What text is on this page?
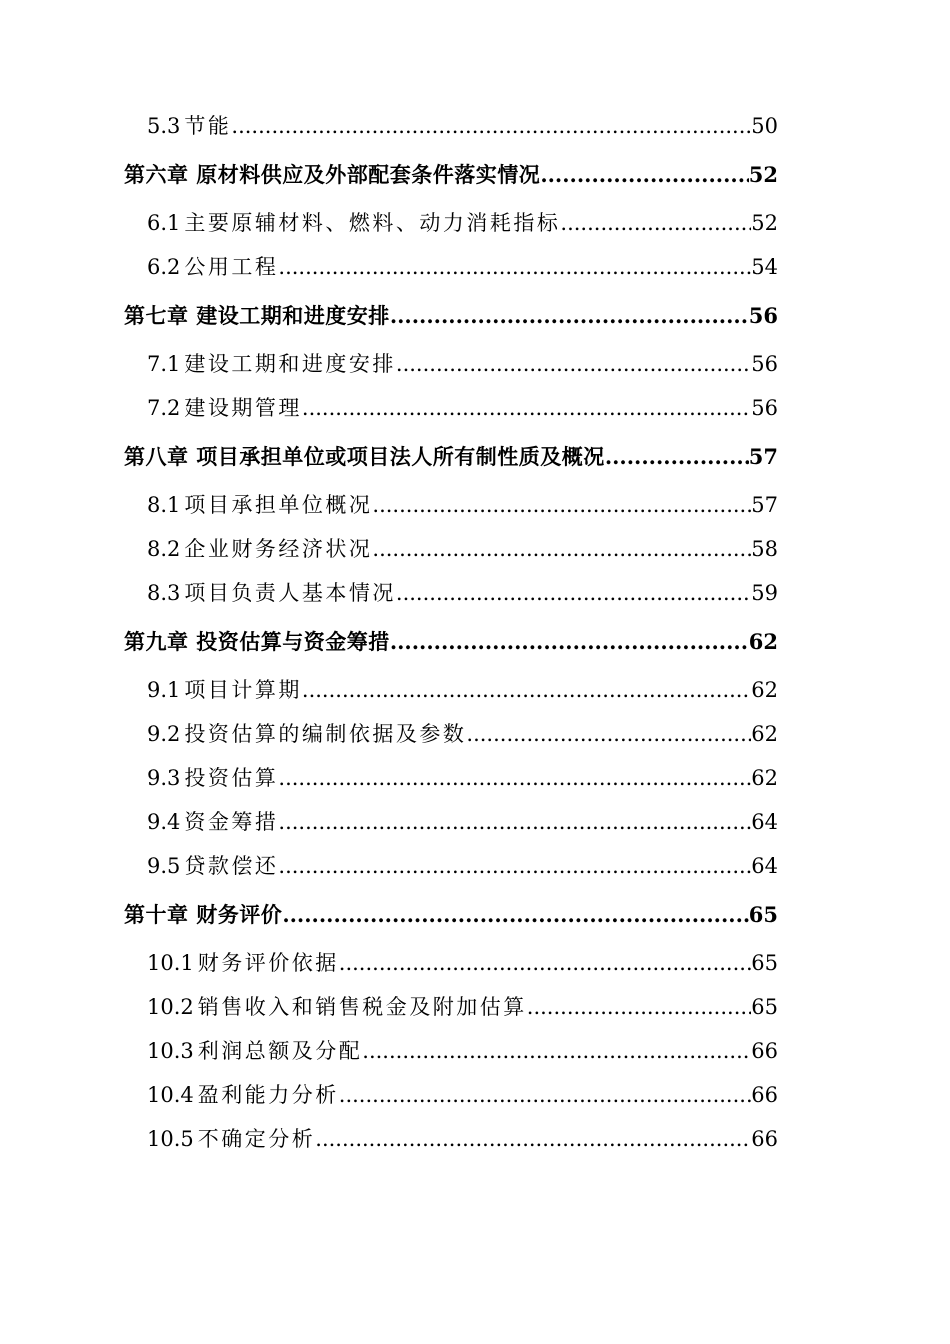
5.3 节能 .....	50
第六章 原材料供应及外部配套条件落实情况 .....	52
6.1 主要原辅材料、燃料、动力消耗指标 .....	52
6.2 公用工程 .....	54
第七章 建设工期和进度安排 .....	56
7.1 建设工期和进度安排 .....	56
7.2 建设期管理 .....	56
第八章 项目承担单位或项目法人所有制性质及概况 .....	57
8.1 项目承担单位概况 .....	57
8.2 企业财务经济状况 .....	58
8.3 项目负责人基本情况 .....	59
第九章 投资估算与资金筹措 .....	62
9.1 项目计算期 .....	62
9.2 投资估算的编制依据及参数 .....	62
9.3 投资估算 .....	62
9.4 资金筹措 .....	64
9.5 贷款偿还 .....	64
第十章 财务评价 .....	65
10.1 财务评价依据 .....	65
10.2 销售收入和销售税金及附加估算 .....	65
10.3 利润总额及分配 .....	66
10.4 盈利能力分析 .....	66
10.5 不确定分析 .....	66
